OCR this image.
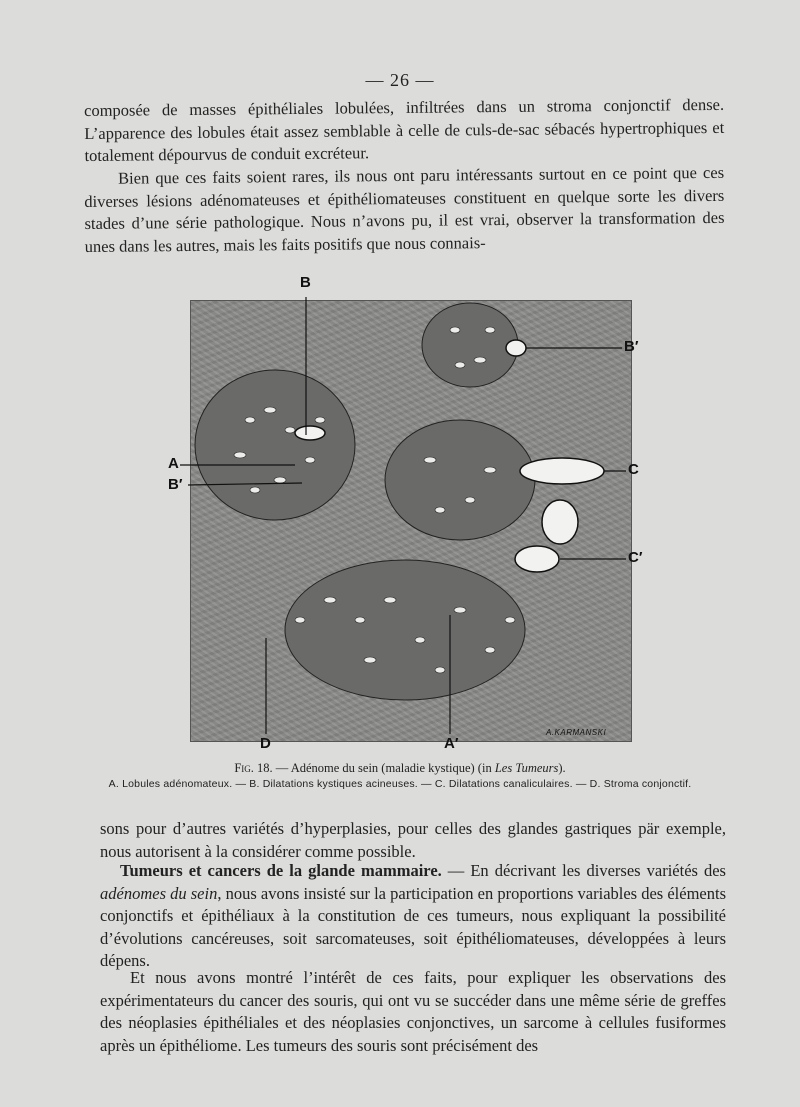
— 26 —

composée de masses épithéliales lobulées, infiltrées dans un stroma conjonctif dense. L’apparence des lobules était assez semblable à celle de culs-de-sac sébacés hypertrophiques et totalement dépourvus de conduit excréteur.

Bien que ces faits soient rares, ils nous ont paru intéressants surtout en ce point que ces diverses lésions adénomateuses et épithéliomateuses constituent en quelque sorte les divers stades d’une série pathologique. Nous n’avons pu, il est vrai, observer la transformation des unes dans les autres, mais les faits positifs que nous connais-

B
B′
A
B′
C
C′
D	A′
A.KARMANSKI
Fig. 18. — Adénome du sein (maladie kystique) (in Les Tumeurs).
A. Lobules adénomateux. — B. Dilatations kystiques acineuses. — C. Dilatations canaliculaires. — D. Stroma conjonctif.

sons pour d’autres variétés d’hyperplasies, pour celles des glandes gastriques pär exemple, nous autorisent à la considérer comme possible.

Tumeurs et cancers de la glande mammaire. — En décrivant les diverses variétés des adénomes du sein, nous avons insisté sur la participation en proportions variables des éléments conjonctifs et épithéliaux à la constitution de ces tumeurs, nous expliquant la possibilité d’évolutions cancéreuses, soit sarcomateuses, soit épithéliomateuses, développées à leurs dépens.

Et nous avons montré l’intérêt de ces faits, pour expliquer les observations des expérimentateurs du cancer des souris, qui ont vu se succéder dans une même série de greffes des néoplasies épithéliales et des néoplasies conjonctives, un sarcome à cellules fusiformes après un épithéliome. Les tumeurs des souris sont précisément des
